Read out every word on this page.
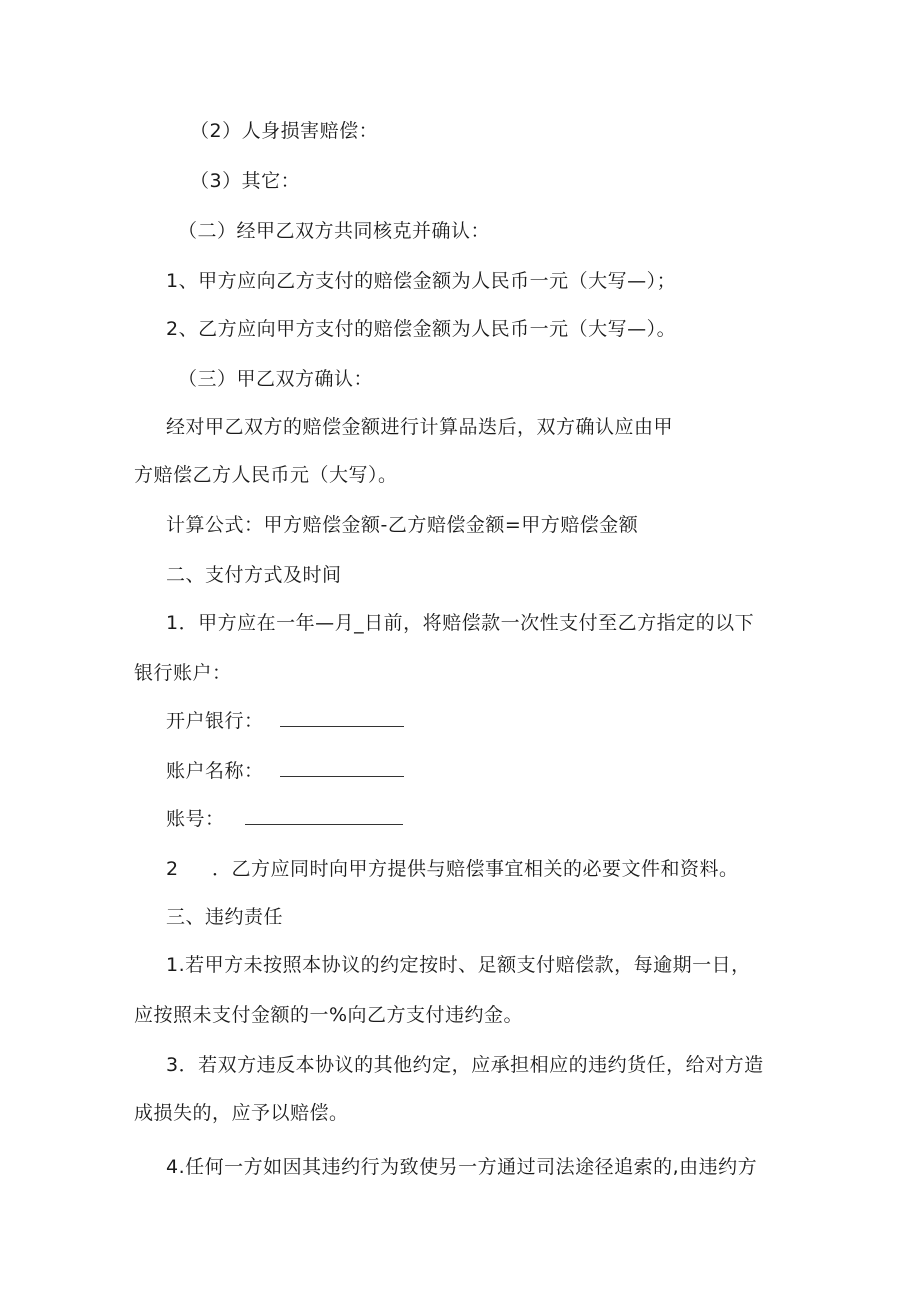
（2）人身损害赔偿：
（3）其它：
（二）经甲乙双方共同核克并确认：
1、甲方应向乙方支付的赔偿金额为人民币一元（大写—）；
2、乙方应向甲方支付的赔偿金额为人民币一元（大写—）。
（三）甲乙双方确认：
经对甲乙双方的赔偿金额进行计算品迭后，双方确认应由甲
方赔偿乙方人民币元（大写）。
计算公式：甲方赔偿金额-乙方赔偿金额=甲方赔偿金额
二、支付方式及时间
1．甲方应在一年—月_日前，将赔偿款一次性支付至乙方指定的以下
银行账户：
开户银行：
账户名称：
账号：
2 ．乙方应同时向甲方提供与赔偿事宜相关的必要文件和资料。
三、违约责任
1.若甲方未按照本协议的约定按时、足额支付赔偿款，每逾期一日，
应按照未支付金额的一%向乙方支付违约金。
3．若双方违反本协议的其他约定，应承担相应的违约货任，给对方造
成损失的，应予以赔偿。
4.任何一方如因其违约行为致使另一方通过司法途径追索的,由违约方
